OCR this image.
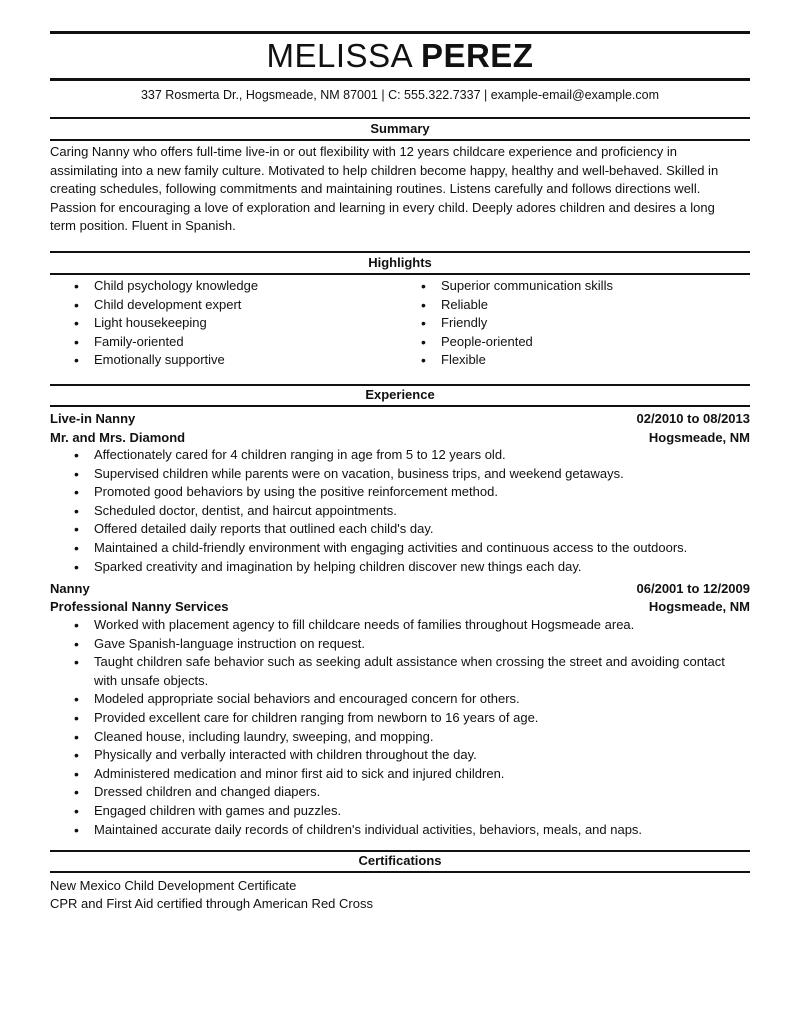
MELISSA PEREZ
337 Rosmerta Dr., Hogsmeade, NM 87001 | C: 555.322.7337 | example-email@example.com
Summary
Caring Nanny who offers full-time live-in or out flexibility with 12 years childcare experience and proficiency in assimilating into a new family culture. Motivated to help children become happy, healthy and well-behaved. Skilled in creating schedules, following commitments and maintaining routines. Listens carefully and follows directions well. Passion for encouraging a love of exploration and learning in every child. Deeply adores children and desires a long term position. Fluent in Spanish.
Highlights
• Child psychology knowledge
• Child development expert
• Light housekeeping
• Family-oriented
• Emotionally supportive
• Superior communication skills
• Reliable
• Friendly
• People-oriented
• Flexible
Experience
Live-in Nanny	02/2010 to 08/2013
Mr. and Mrs. Diamond	Hogsmeade, NM
• Affectionately cared for 4 children ranging in age from 5 to 12 years old.
• Supervised children while parents were on vacation, business trips, and weekend getaways.
• Promoted good behaviors by using the positive reinforcement method.
• Scheduled doctor, dentist, and haircut appointments.
• Offered detailed daily reports that outlined each child's day.
• Maintained a child-friendly environment with engaging activities and continuous access to the outdoors.
• Sparked creativity and imagination by helping children discover new things each day.
Nanny	06/2001 to 12/2009
Professional Nanny Services	Hogsmeade, NM
• Worked with placement agency to fill childcare needs of families throughout Hogsmeade area.
• Gave Spanish-language instruction on request.
• Taught children safe behavior such as seeking adult assistance when crossing the street and avoiding contact with unsafe objects.
• Modeled appropriate social behaviors and encouraged concern for others.
• Provided excellent care for children ranging from newborn to 16 years of age.
• Cleaned house, including laundry, sweeping, and mopping.
• Physically and verbally interacted with children throughout the day.
• Administered medication and minor first aid to sick and injured children.
• Dressed children and changed diapers.
• Engaged children with games and puzzles.
• Maintained accurate daily records of children's individual activities, behaviors, meals, and naps.
Certifications
New Mexico Child Development Certificate
CPR and First Aid certified through American Red Cross
